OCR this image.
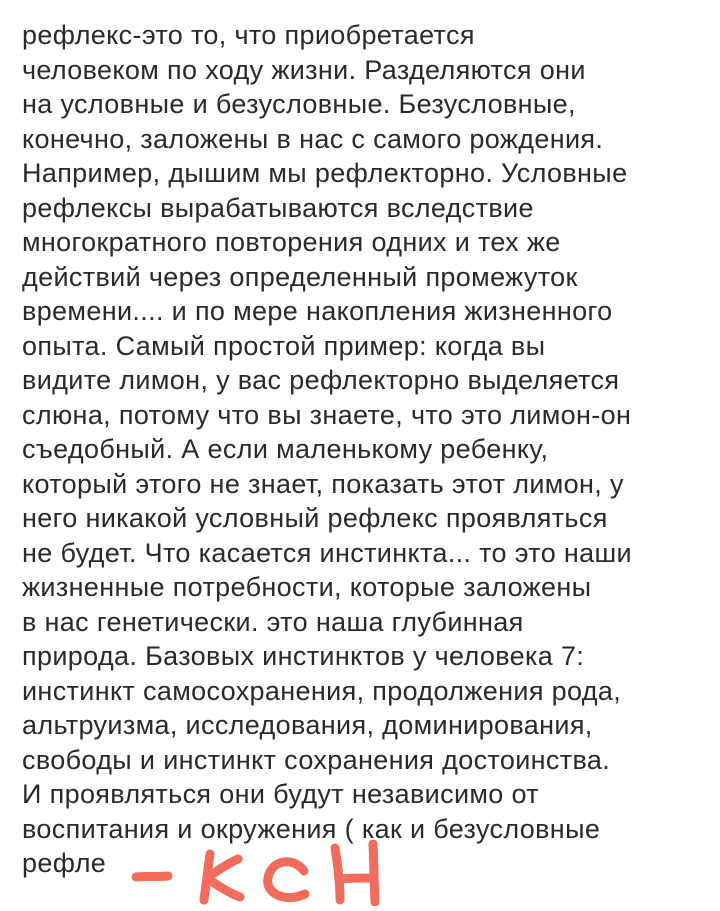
рефлекс-это то, что приобретается
человеком по ходу жизни. Разделяются они
на условные и безусловные. Безусловные,
конечно, заложены в нас с самого рождения.
Например, дышим мы рефлекторно. Условные
рефлексы вырабатываются вследствие
многократного повторения одних и тех же
действий через определенный промежуток
времени.... и по мере накопления жизненного
опыта. Самый простой пример: когда вы
видите лимон, у вас рефлекторно выделяется
слюна, потому что вы знаете, что это лимон-он
съедобный. А если маленькому ребенку,
который этого не знает, показать этот лимон, у
него никакой условный рефлекс проявляться
не будет. Что касается инстинкта... то это наши
жизненные потребности, которые заложены
в нас генетически. это наша глубинная
природа. Базовых инстинктов у человека 7:
инстинкт самосохранения, продолжения рода,
альтруизма, исследования, доминирования,
свободы и инстинкт сохранения достоинства.
И проявляться они будут независимо от
воспитания и окружения ( как и безусловные
рефле
